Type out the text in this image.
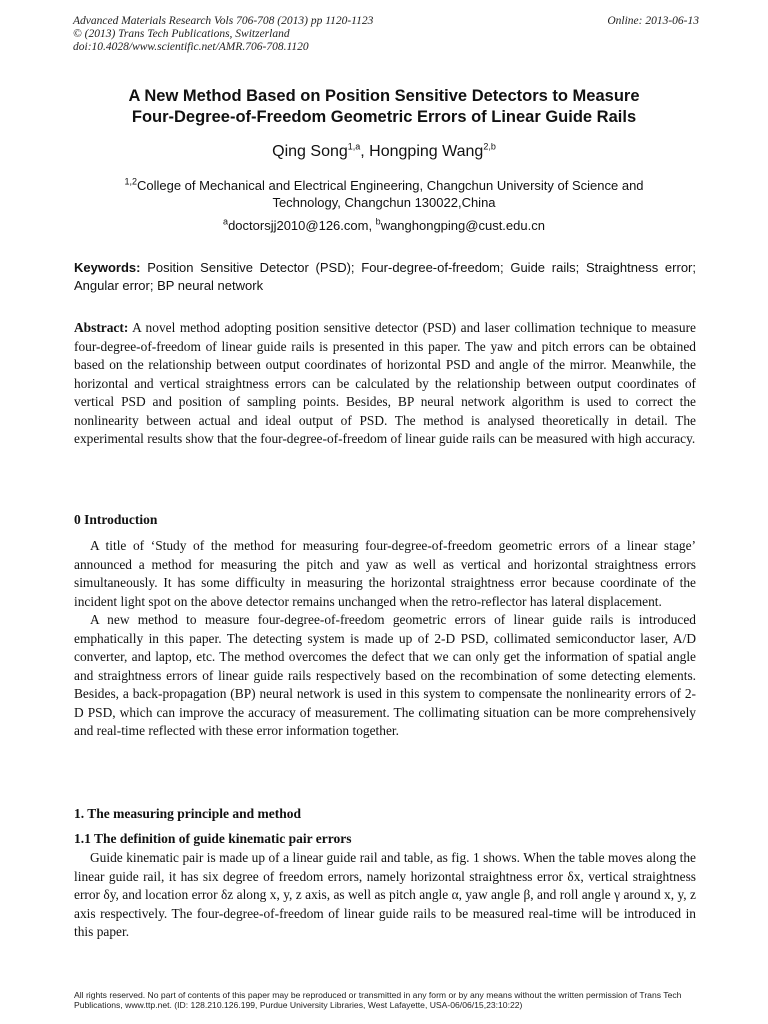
Advanced Materials Research Vols 706-708 (2013) pp 1120-1123	Online: 2013-06-13
© (2013) Trans Tech Publications, Switzerland
doi:10.4028/www.scientific.net/AMR.706-708.1120
A New Method Based on Position Sensitive Detectors to Measure
Four-Degree-of-Freedom Geometric Errors of Linear Guide Rails
Qing Song$^{1,a}$, Hongping Wang$^{2,b}$
$^{1,2}$College of Mechanical and Electrical Engineering, Changchun University of Science and
Technology, Changchun 130022,China
$^a$doctorsjj2010@126.com, $^b$wanghongping@cust.edu.cn
Keywords: Position Sensitive Detector (PSD); Four-degree-of-freedom; Guide rails; Straightness error; Angular error; BP neural network
Abstract: A novel method adopting position sensitive detector (PSD) and laser collimation technique to measure four-degree-of-freedom of linear guide rails is presented in this paper. The yaw and pitch errors can be obtained based on the relationship between output coordinates of horizontal PSD and angle of the mirror. Meanwhile, the horizontal and vertical straightness errors can be calculated by the relationship between output coordinates of vertical PSD and position of sampling points. Besides, BP neural network algorithm is used to correct the nonlinearity between actual and ideal output of PSD. The method is analysed theoretically in detail. The experimental results show that the four-degree-of-freedom of linear guide rails can be measured with high accuracy.
0 Introduction

A title of ‘Study of the method for measuring four-degree-of-freedom geometric errors of a linear stage’ announced a method for measuring the pitch and yaw as well as vertical and horizontal straightness errors simultaneously. It has some difficulty in measuring the horizontal straightness error because coordinate of the incident light spot on the above detector remains unchanged when the retro-reflector has lateral displacement.

A new method to measure four-degree-of-freedom geometric errors of linear guide rails is introduced emphatically in this paper. The detecting system is made up of 2-D PSD, collimated semiconductor laser, A/D converter, and laptop, etc. The method overcomes the defect that we can only get the information of spatial angle and straightness errors of linear guide rails respectively based on the recombination of some detecting elements. Besides, a back-propagation (BP) neural network is used in this system to compensate the nonlinearity errors of 2-D PSD, which can improve the accuracy of measurement. The collimating situation can be more comprehensively and real-time reflected with these error information together.

1. The measuring principle and method
1.1 The definition of guide kinematic pair errors

Guide kinematic pair is made up of a linear guide rail and table, as fig. 1 shows. When the table moves along the linear guide rail, it has six degree of freedom errors, namely horizontal straightness error δx, vertical straightness error δy, and location error δz along x, y, z axis, as well as pitch angle α, yaw angle β, and roll angle γ around x, y, z axis respectively. The four-degree-of-freedom of linear guide rails to be measured real-time will be introduced in this paper.

All rights reserved. No part of contents of this paper may be reproduced or transmitted in any form or by any means without the written permission of Trans Tech Publications, www.ttp.net. (ID: 128.210.126.199, Purdue University Libraries, West Lafayette, USA-06/06/15,23:10:22)
